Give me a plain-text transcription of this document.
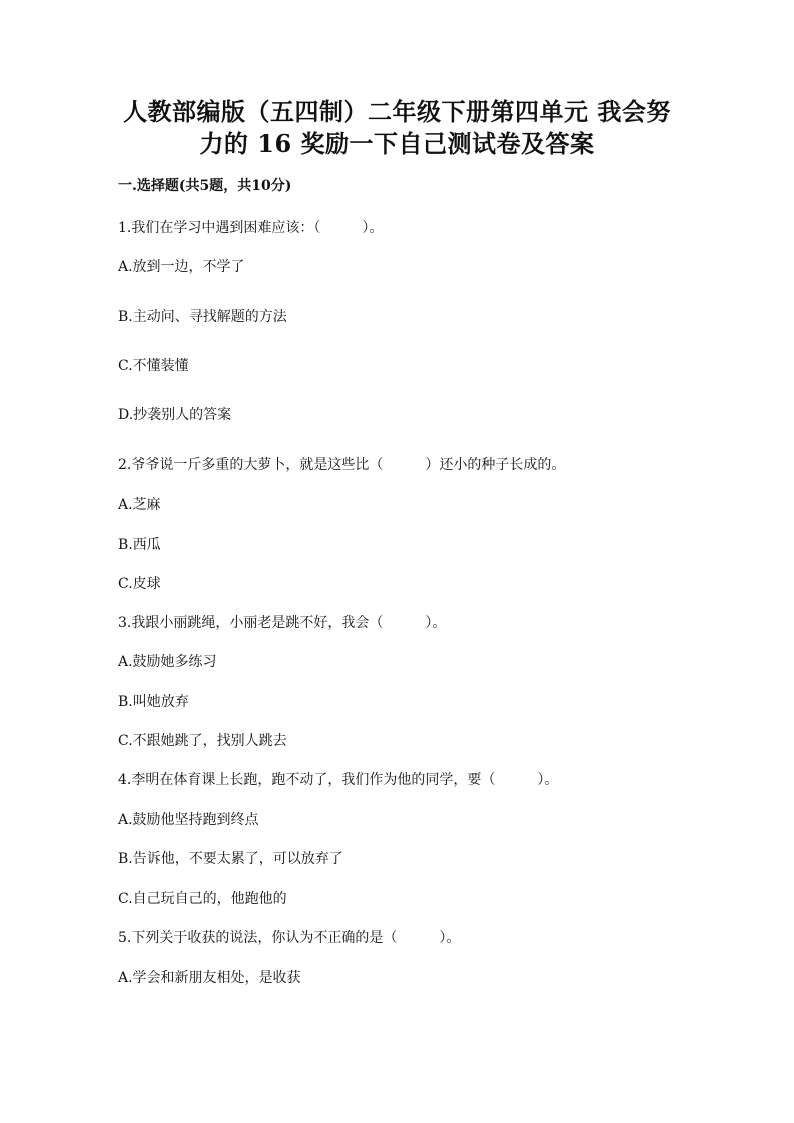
人教部编版（五四制）二年级下册第四单元 我会努
力的 16 奖励一下自己测试卷及答案
一.选择题(共5题，共10分)
1.我们在学习中遇到困难应该：（　　　）。
A.放到一边，不学了
B.主动问、寻找解题的方法
C.不懂装懂
D.抄袭别人的答案
2.爷爷说一斤多重的大萝卜，就是这些比（　　　）还小的种子长成的。
A.芝麻
B.西瓜
C.皮球
3.我跟小丽跳绳，小丽老是跳不好，我会（　　　）。
A.鼓励她多练习
B.叫她放弃
C.不跟她跳了，找别人跳去
4.李明在体育课上长跑，跑不动了，我们作为他的同学，要（　　　）。
A.鼓励他坚持跑到终点
B.告诉他，不要太累了，可以放弃了
C.自己玩自己的，他跑他的
5.下列关于收获的说法，你认为不正确的是（　　　）。
A.学会和新朋友相处，是收获
